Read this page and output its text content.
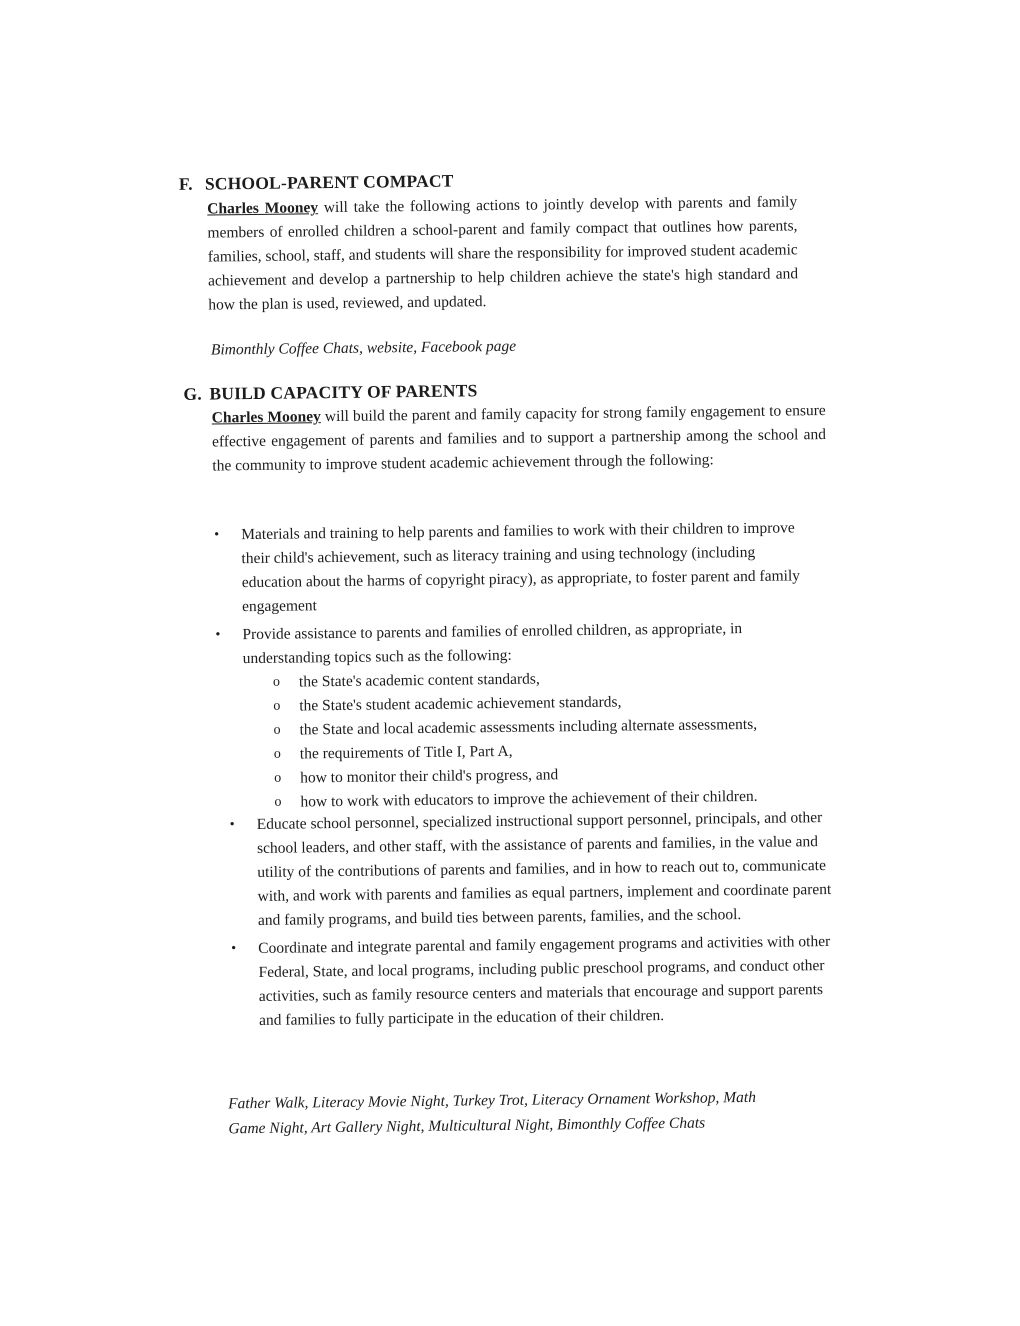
F. SCHOOL-PARENT COMPACT
Charles Mooney will take the following actions to jointly develop with parents and family members of enrolled children a school-parent and family compact that outlines how parents, families, school, staff, and students will share the responsibility for improved student academic achievement and develop a partnership to help children achieve the state's high standard and how the plan is used, reviewed, and updated.
Bimonthly Coffee Chats, website, Facebook page
G. BUILD CAPACITY OF PARENTS
Charles Mooney will build the parent and family capacity for strong family engagement to ensure effective engagement of parents and families and to support a partnership among the school and the community to improve student academic achievement through the following:
• Materials and training to help parents and families to work with their children to improve their child's achievement, such as literacy training and using technology (including education about the harms of copyright piracy), as appropriate, to foster parent and family engagement
• Provide assistance to parents and families of enrolled children, as appropriate, in understanding topics such as the following:
o the State's academic content standards,
o the State's student academic achievement standards,
o the State and local academic assessments including alternate assessments,
o the requirements of Title I, Part A,
o how to monitor their child's progress, and
o how to work with educators to improve the achievement of their children.
• Educate school personnel, specialized instructional support personnel, principals, and other school leaders, and other staff, with the assistance of parents and families, in the value and utility of the contributions of parents and families, and in how to reach out to, communicate with, and work with parents and families as equal partners, implement and coordinate parent and family programs, and build ties between parents, families, and the school.
• Coordinate and integrate parental and family engagement programs and activities with other Federal, State, and local programs, including public preschool programs, and conduct other activities, such as family resource centers and materials that encourage and support parents and families to fully participate in the education of their children.
Father Walk, Literacy Movie Night, Turkey Trot, Literacy Ornament Workshop, Math
Game Night, Art Gallery Night, Multicultural Night, Bimonthly Coffee Chats
